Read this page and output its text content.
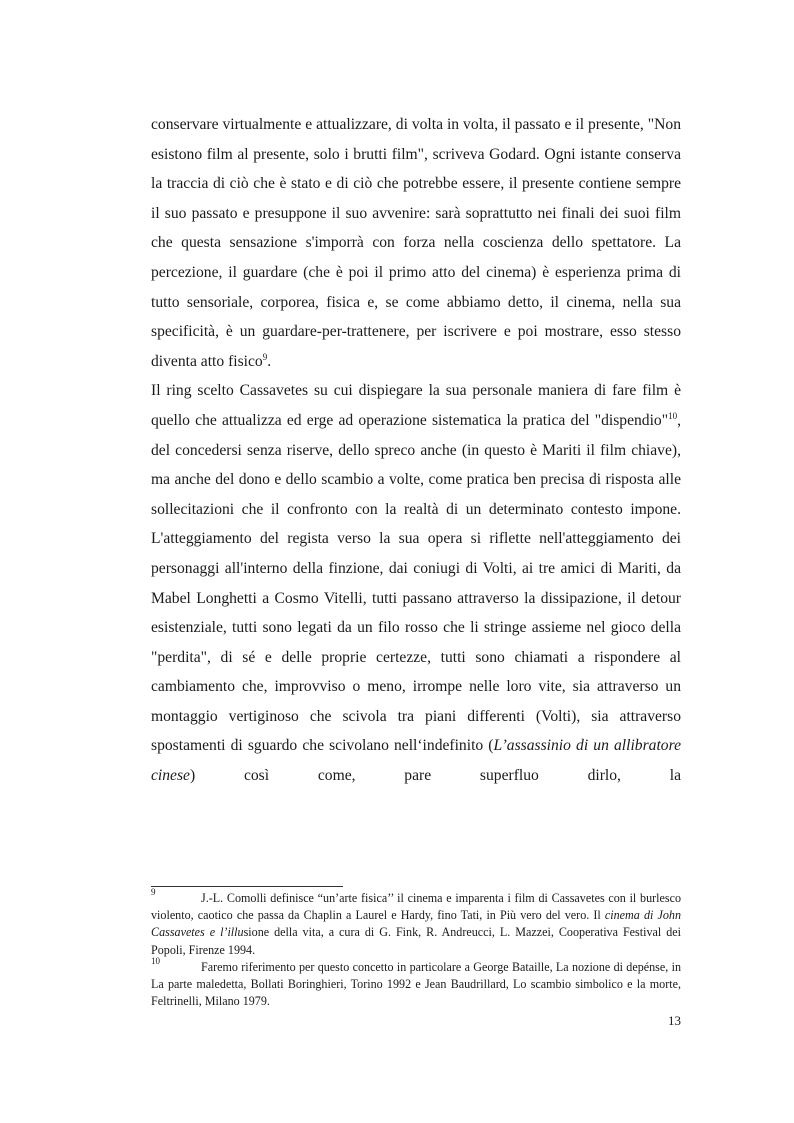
conservare virtualmente e attualizzare, di volta in volta, il passato e il presente, "Non esistono film al presente, solo i brutti film", scriveva Godard. Ogni istante conserva la traccia di ciò che è stato e di ciò che potrebbe essere, il presente contiene sempre il suo passato e presuppone il suo avvenire: sarà soprattutto nei finali dei suoi film che questa sensazione s'imporrà con forza nella coscienza dello spettatore. La percezione, il guardare (che è poi il primo atto del cinema) è esperienza prima di tutto sensoriale, corporea, fisica e, se come abbiamo detto, il cinema, nella sua specificità, è un guardare-per-trattenere, per iscrivere e poi mostrare, esso stesso diventa atto fisico$^9$.

Il ring scelto Cassavetes su cui dispiegare la sua personale maniera di fare film è quello che attualizza ed erge ad operazione sistematica la pratica del "dispendio"$^{10}$, del concedersi senza riserve, dello spreco anche (in questo è Mariti il film chiave), ma anche del dono e dello scambio a volte, come pratica ben precisa di risposta alle sollecitazioni che il confronto con la realtà di un determinato contesto impone. L'atteggiamento del regista verso la sua opera si riflette nell'atteggiamento dei personaggi all'interno della finzione, dai coniugi di Volti, ai tre amici di Mariti, da Mabel Longhetti a Cosmo Vitelli, tutti passano attraverso la dissipazione, il detour esistenziale, tutti sono legati da un filo rosso che li stringe assieme nel gioco della "perdita", di sé e delle proprie certezze, tutti sono chiamati a rispondere al cambiamento che, improvviso o meno, irrompe nelle loro vite, sia attraverso un montaggio vertiginoso che scivola tra piani differenti (Volti), sia attraverso spostamenti di sguardo che scivolano nell‘indefinito (L’assassinio di un allibratore cinese) così come, pare superfluo dirlo, la

9	J.-L. Comolli definisce “un’arte fisica’’ il cinema e imparenta i film di Cassavetes con il burlesco violento, caotico che passa da Chaplin a Laurel e Hardy, fino Tati, in Più vero del vero. Il cinema di John Cassavetes e l’illusione della vita, a cura di G. Fink, R. Andreucci, L. Mazzei, Cooperativa Festival dei Popoli, Firenze 1994.
10	Faremo riferimento per questo concetto in particolare a George Bataille, La nozione di depénse, in La parte maledetta, Bollati Boringhieri, Torino 1992 e Jean Baudrillard, Lo scambio simbolico e la morte, Feltrinelli, Milano 1979.
13
